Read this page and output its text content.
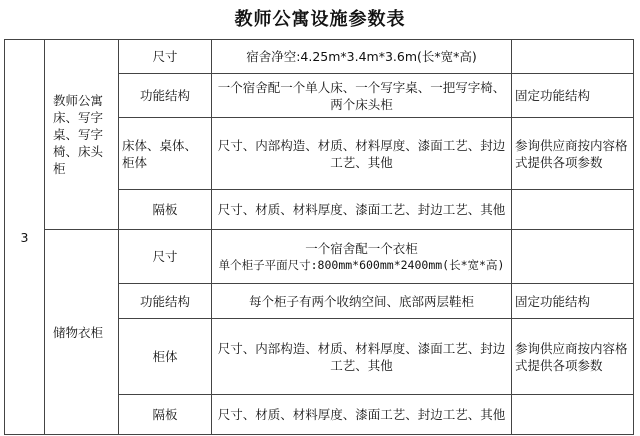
教师公寓设施参数表
3	教师公寓床、写字桌、写字椅、床头柜	尺寸	宿舍净空:4.25m*3.4m*3.6m(长*宽*高)	
		功能结构	一个宿舍配一个单人床、一个写字桌、一把写字椅、两个床头柜	固定功能结构
		床体、桌体、柜体	尺寸、内部构造、材质、材料厚度、漆面工艺、封边工艺、其他	参询供应商按内容格式提供各项参数
		隔板	尺寸、材质、材料厚度、漆面工艺、封边工艺、其他	
	储物衣柜	尺寸	一个宿舍配一个衣柜
单个柜子平面尺寸:800mm*600mm*2400mm(长*宽*高)	

		功能结构	每个柜子有两个收纳空间、底部两层鞋柜	固定功能结构
		柜体	尺寸、内部构造、材质、材料厚度、漆面工艺、封边工艺、其他	参询供应商按内容格式提供各项参数
		隔板	尺寸、材质、材料厚度、漆面工艺、封边工艺、其他	
